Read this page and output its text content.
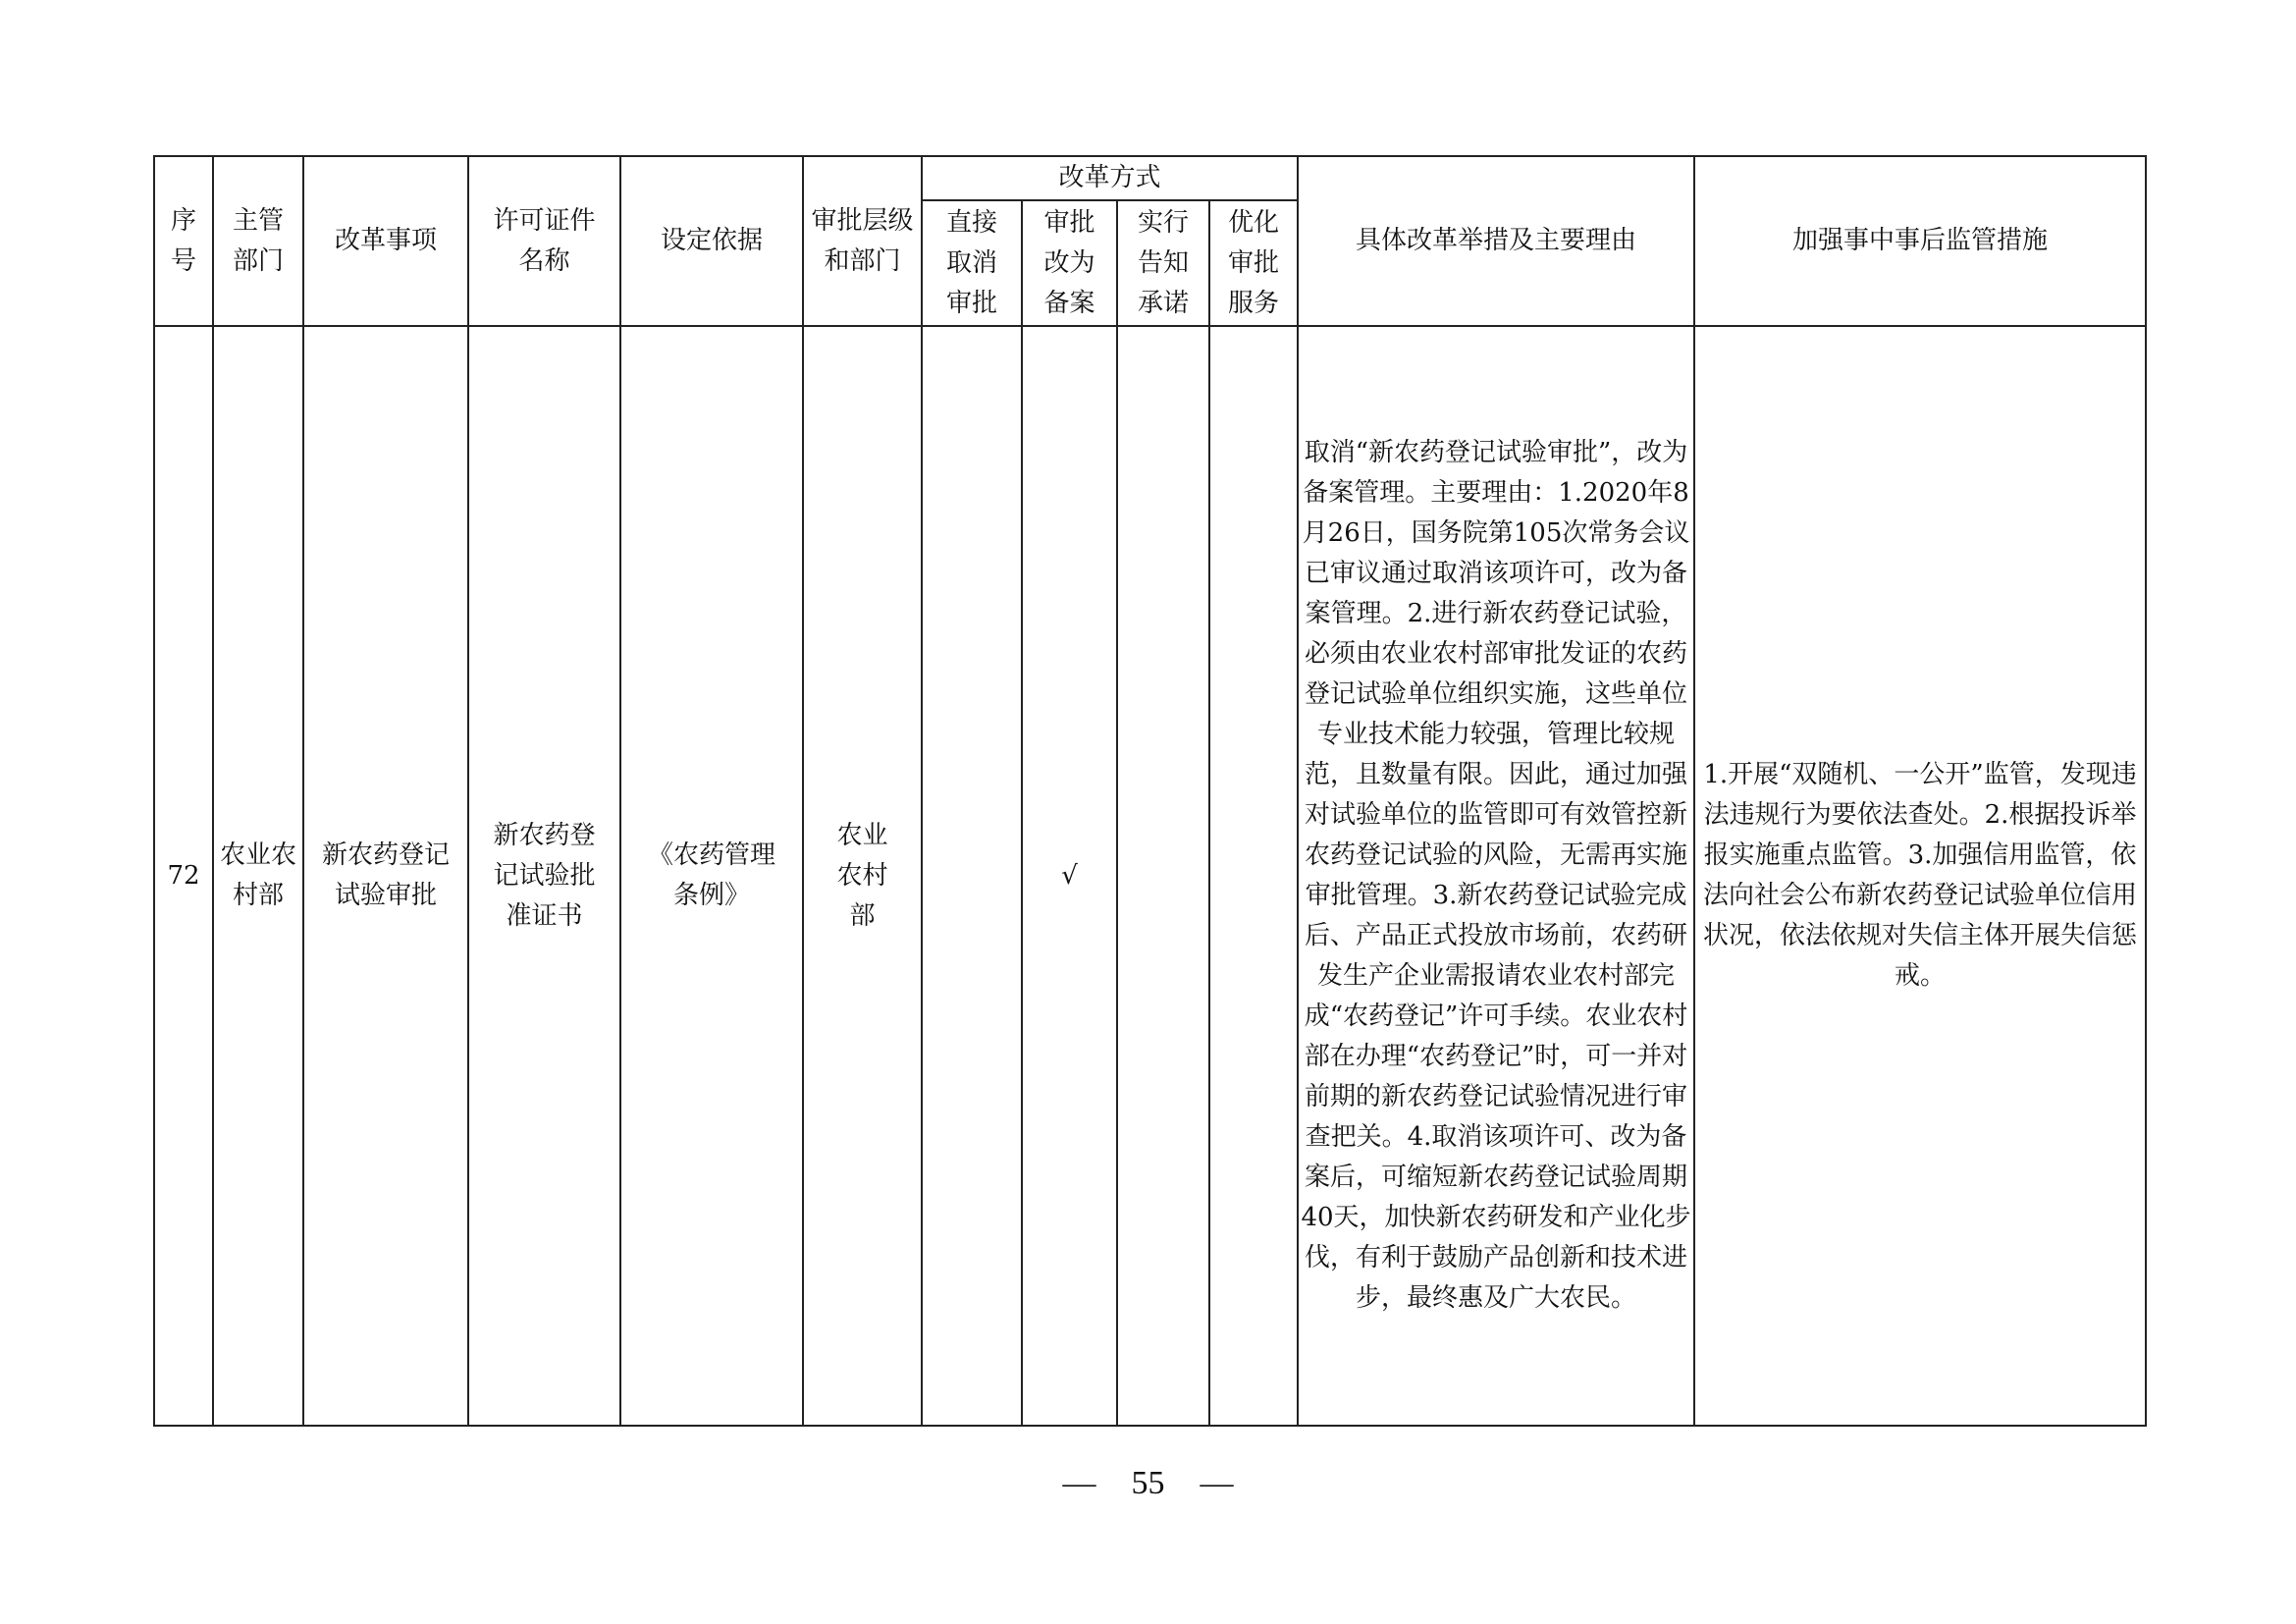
序号	主管部门	改革事项	许可证件名称	设定依据	审批层级和部门	改革方式				具体改革举措及主要理由	加强事中事后监管措施

						直接取消审批	审批改为备案	实行告知承诺	优化审批服务		

72	农业农村部	新农药登记试验审批	新农药登记试验批准证书	《农药管理条例》	农业农村部		√			取消“新农药登记试验审批”，改为备案管理。主要理由：1.2020年8月26日，国务院第105次常务会议已审议通过取消该项许可，改为备案管理。2.进行新农药登记试验，必须由农业农村部审批发证的农药登记试验单位组织实施，这些单位专业技术能力较强，管理比较规范，且数量有限。因此，通过加强对试验单位的监管即可有效管控新农药登记试验的风险，无需再实施审批管理。3.新农药登记试验完成后、产品正式投放市场前，农药研发生产企业需报请农业农村部完成“农药登记”许可手续。农业农村部在办理“农药登记”时，可一并对前期的新农药登记试验情况进行审查把关。4.取消该项许可、改为备案后，可缩短新农药登记试验周期40天，加快新农药研发和产业化步伐，有利于鼓励产品创新和技术进步，最终惠及广大农民。	1.开展“双随机、一公开”监管，发现违法违规行为要依法查处。2.根据投诉举报实施重点监管。3.加强信用监管，依法向社会公布新农药登记试验单位信用状况，依法依规对失信主体开展失信惩戒。
— 55 —
